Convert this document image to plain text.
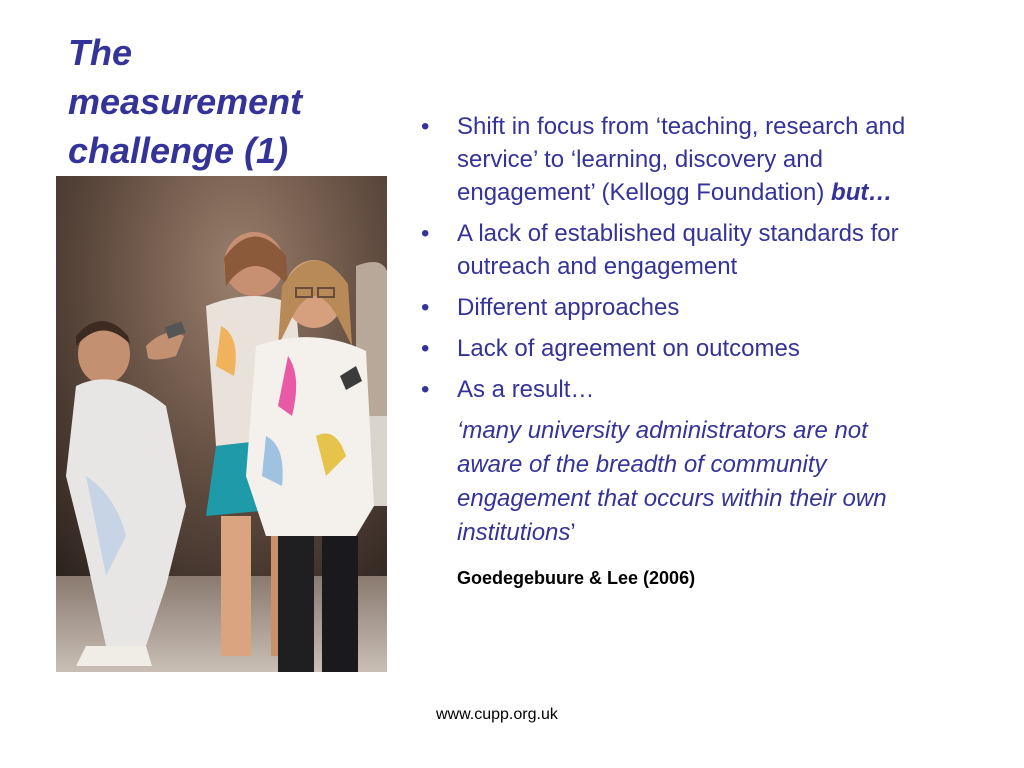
The measurement challenge (1)
• Shift in focus from ‘teaching, research and service’ to ‘learning, discovery and engagement’ (Kellogg Foundation) but…
• A lack of established quality standards for outreach and engagement
• Different approaches
• Lack of agreement on outcomes
• As a result…

‘many university administrators are not aware of the breadth of community engagement that occurs within their own institutions’

Goedegebuure & Lee (2006)

www.cupp.org.uk
